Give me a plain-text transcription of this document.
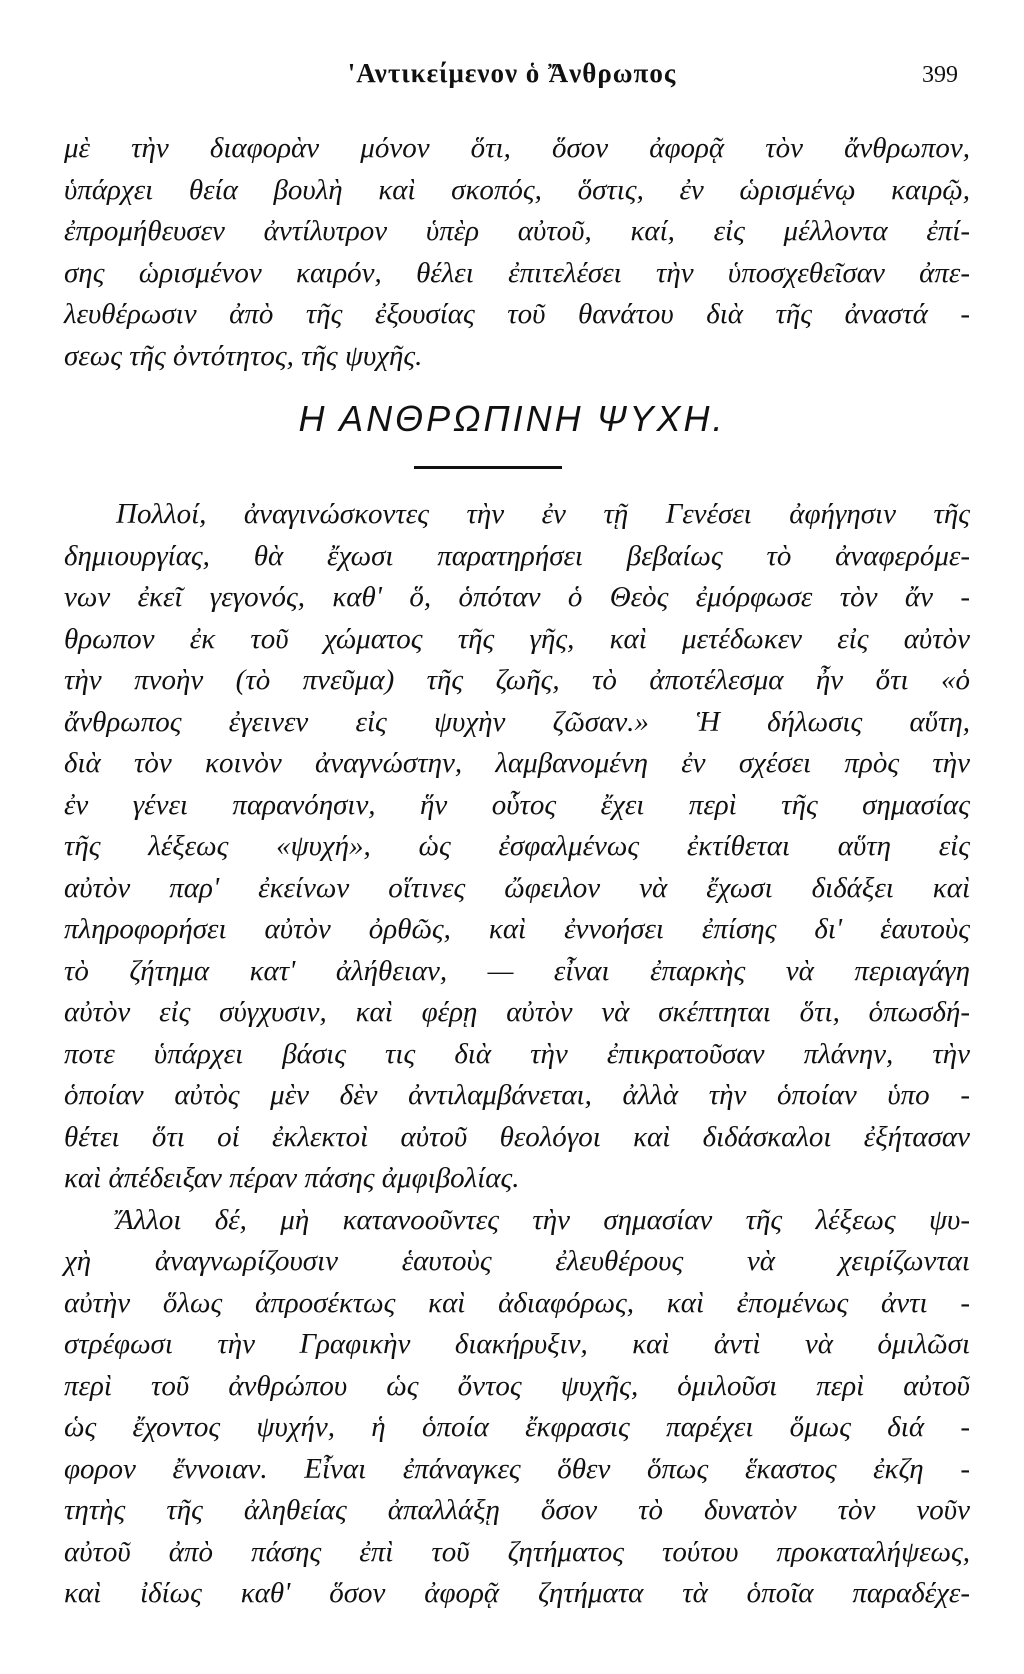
'Αντικείμενον ὁ Ἄνθρωπος	399
μὲ τὴν διαφορὰν μόνον ὅτι, ὅσον ἀφορᾷ τὸν ἄνθρωπον,
ὑπάρχει θεία βουλὴ καὶ σκοπός, ὅστις, ἐν ὡρισμένῳ καιρῷ,
ἐπρομήθευσεν ἀντίλυτρον ὑπὲρ αὐτοῦ, καί, εἰς μέλλοντα ἐπί-
σης ὡρισμένον καιρόν, θέλει ἐπιτελέσει τὴν ὑποσχεθεῖσαν ἀπε-
λευθέρωσιν ἀπὸ τῆς ἐξουσίας τοῦ θανάτου διὰ τῆς ἀναστά -
σεως τῆς ὀντότητος, τῆς ψυχῆς.
Η ΑΝΘΡΩΠΙΝΗ ΨΥΧΗ.
Πολλοί, ἀναγινώσκοντες τὴν ἐν τῇ Γενέσει ἀφήγησιν τῆς
δημιουργίας, θὰ ἔχωσι παρατηρήσει βεβαίως τὸ ἀναφερόμε-
νων ἐκεῖ γεγονός, καθ' ὅ, ὁπόταν ὁ Θεὸς ἐμόρφωσε τὸν ἄν -
θρωπον ἐκ τοῦ χώματος τῆς γῆς, καὶ μετέδωκεν εἰς αὐτὸν
τὴν πνοὴν (τὸ πνεῦμα) τῆς ζωῆς, τὸ ἀποτέλεσμα ἦν ὅτι «ὁ
ἄνθρωπος ἐγεινεν εἰς ψυχὴν ζῶσαν.» Ἡ δήλωσις αὕτη,
διὰ τὸν κοινὸν ἀναγνώστην, λαμβανομένη ἐν σχέσει πρὸς τὴν
ἐν γένει παρανόησιν, ἥν οὗτος ἔχει περὶ τῆς σημασίας
τῆς λέξεως «ψυχή», ὡς ἐσφαλμένως ἐκτίθεται αὕτη εἰς
αὐτὸν παρ' ἐκείνων οἵτινες ὤφειλον νὰ ἔχωσι διδάξει καὶ
πληροφορήσει αὐτὸν ὀρθῶς, καὶ ἐννοήσει ἐπίσης δι' ἑαυτοὺς
τὸ ζήτημα κατ' ἀλήθειαν, — εἶναι ἐπαρκὴς νὰ περιαγάγη
αὐτὸν εἰς σύγχυσιν, καὶ φέρῃ αὐτὸν νὰ σκέπτηται ὅτι, ὁπωσδή-
ποτε ὑπάρχει βάσις τις διὰ τὴν ἐπικρατοῦσαν πλάνην, τὴν
ὁποίαν αὐτὸς μὲν δὲν ἀντιλαμβάνεται, ἀλλὰ τὴν ὁποίαν ὑπο -
θέτει ὅτι οἱ ἐκλεκτοὶ αὐτοῦ θεολόγοι καὶ διδάσκαλοι ἐξήτασαν
καὶ ἀπέδειξαν πέραν πάσης ἀμφιβολίας.
Ἄλλοι δέ, μὴ κατανοοῦντες τὴν σημασίαν τῆς λέξεως ψυ-
χὴ ἀναγνωρίζουσιν ἑαυτοὺς ἐλευθέρους νὰ χειρίζωνται
αὐτὴν ὅλως ἀπροσέκτως καὶ ἀδιαφόρως, καὶ ἐπομένως ἀντι -
στρέφωσι τὴν Γραφικὴν διακήρυξιν, καὶ ἀντὶ νὰ ὁμιλῶσι
περὶ τοῦ ἀνθρώπου ὡς ὄντος ψυχῆς, ὁμιλοῦσι περὶ αὐτοῦ
ὡς ἔχοντος ψυχήν, ἡ ὁποία ἔκφρασις παρέχει ὅμως διά -
φορον ἔννοιαν. Εἶναι ἐπάναγκες ὅθεν ὅπως ἕκαστος ἐκζη -
τητὴς τῆς ἀληθείας ἀπαλλάξῃ ὅσον τὸ δυνατὸν τὸν νοῦν
αὐτοῦ ἀπὸ πάσης ἐπὶ τοῦ ζητήματος τούτου προκαταλήψεως,
καὶ ἰδίως καθ' ὅσον ἀφορᾷ ζητήματα τὰ ὁποῖα παραδέχε-
